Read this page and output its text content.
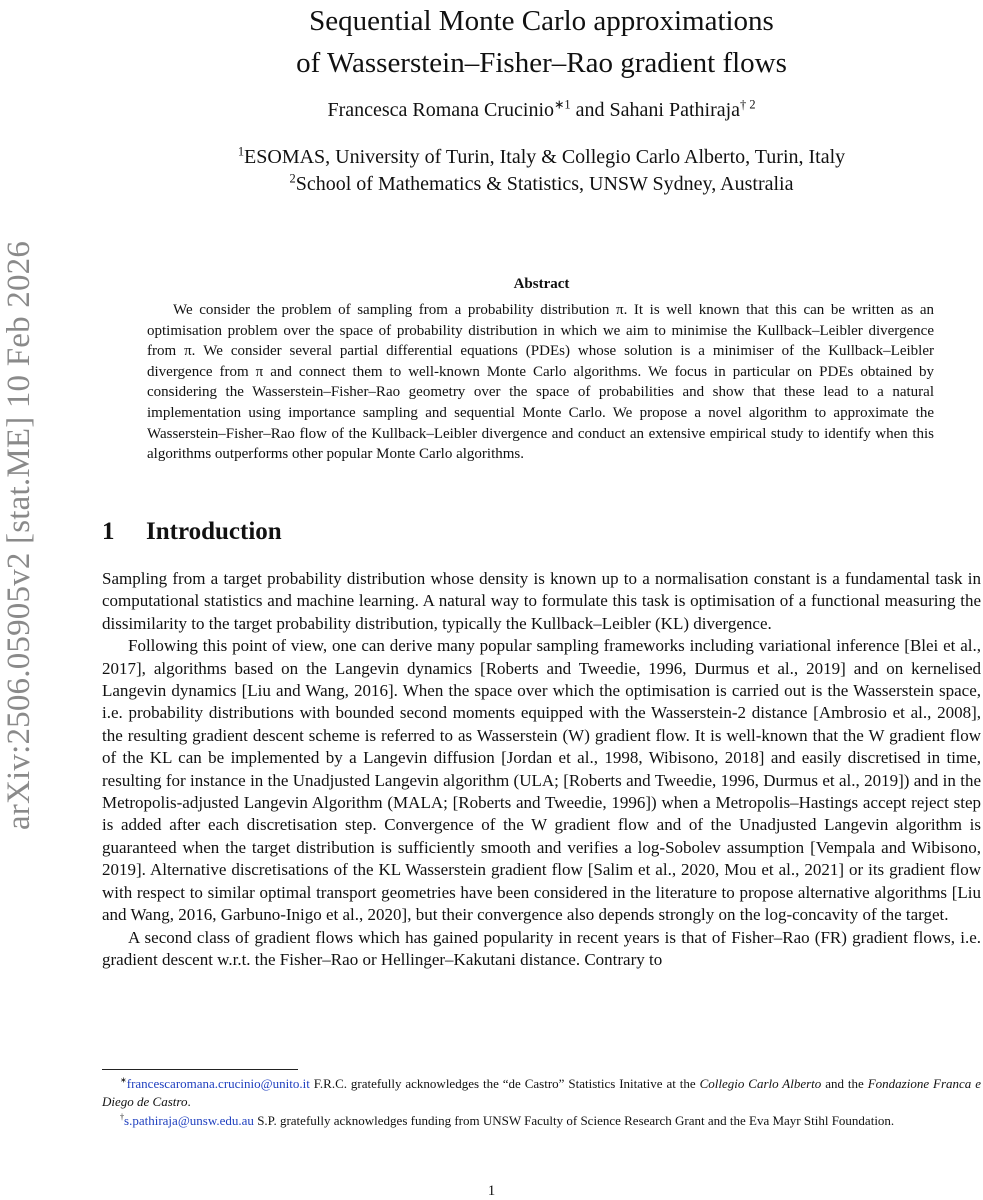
arXiv:2506.05905v2 [stat.ME] 10 Feb 2026
Sequential Monte Carlo approximations
of Wasserstein–Fisher–Rao gradient flows
Francesca Romana Crucinio$^{∗1}$ and Sahani Pathiraja$^{\dagger 2}$
$^1$ESOMAS, University of Turin, Italy & Collegio Carlo Alberto, Turin, Italy
$^2$School of Mathematics & Statistics, UNSW Sydney, Australia
Abstract
We consider the problem of sampling from a probability distribution π. It is well known that this can be written as an optimisation problem over the space of probability distribution in which we aim to minimise the Kullback–Leibler divergence from π. We consider several partial differential equations (PDEs) whose solution is a minimiser of the Kullback–Leibler divergence from π and connect them to well-known Monte Carlo algorithms. We focus in particular on PDEs obtained by considering the Wasserstein–Fisher–Rao geometry over the space of probabilities and show that these lead to a natural implementation using importance sampling and sequential Monte Carlo. We propose a novel algorithm to approximate the Wasserstein–Fisher–Rao flow of the Kullback–Leibler divergence and conduct an extensive empirical study to identify when this algorithms outperforms other popular Monte Carlo algorithms.
1 Introduction

Sampling from a target probability distribution whose density is known up to a normalisation constant is a fundamental task in computational statistics and machine learning. A natural way to formulate this task is optimisation of a functional measuring the dissimilarity to the target probability distribution, typically the Kullback–Leibler (KL) divergence.

Following this point of view, one can derive many popular sampling frameworks including variational inference [Blei et al., 2017], algorithms based on the Langevin dynamics [Roberts and Tweedie, 1996, Durmus et al., 2019] and on kernelised Langevin dynamics [Liu and Wang, 2016]. When the space over which the optimisation is carried out is the Wasserstein space, i.e. probability distributions with bounded second moments equipped with the Wasserstein-2 distance [Ambrosio et al., 2008], the resulting gradient descent scheme is referred to as Wasserstein (W) gradient flow. It is well-known that the W gradient flow of the KL can be implemented by a Langevin diffusion [Jordan et al., 1998, Wibisono, 2018] and easily discretised in time, resulting for instance in the Unadjusted Langevin algorithm (ULA; [Roberts and Tweedie, 1996, Durmus et al., 2019]) and in the Metropolis-adjusted Langevin Algorithm (MALA; [Roberts and Tweedie, 1996]) when a Metropolis–Hastings accept reject step is added after each discretisation step. Convergence of the W gradient flow and of the Unadjusted Langevin algorithm is guaranteed when the target distribution is sufficiently smooth and verifies a log-Sobolev assumption [Vempala and Wibisono, 2019]. Alternative discretisations of the KL Wasserstein gradient flow [Salim et al., 2020, Mou et al., 2021] or its gradient flow with respect to similar optimal transport geometries have been considered in the literature to propose alternative algorithms [Liu and Wang, 2016, Garbuno-Inigo et al., 2020], but their convergence also depends strongly on the log-concavity of the target.

A second class of gradient flows which has gained popularity in recent years is that of Fisher–Rao (FR) gradient flows, i.e. gradient descent w.r.t. the Fisher–Rao or Hellinger–Kakutani distance. Contrary to

∗francescaromana.crucinio@unito.it F.R.C. gratefully acknowledges the “de Castro” Statistics Initative at the Collegio Carlo Alberto and the Fondazione Franca e Diego de Castro.

†s.pathiraja@unsw.edu.au S.P. gratefully acknowledges funding from UNSW Faculty of Science Research Grant and the Eva Mayr Stihl Foundation.

1
